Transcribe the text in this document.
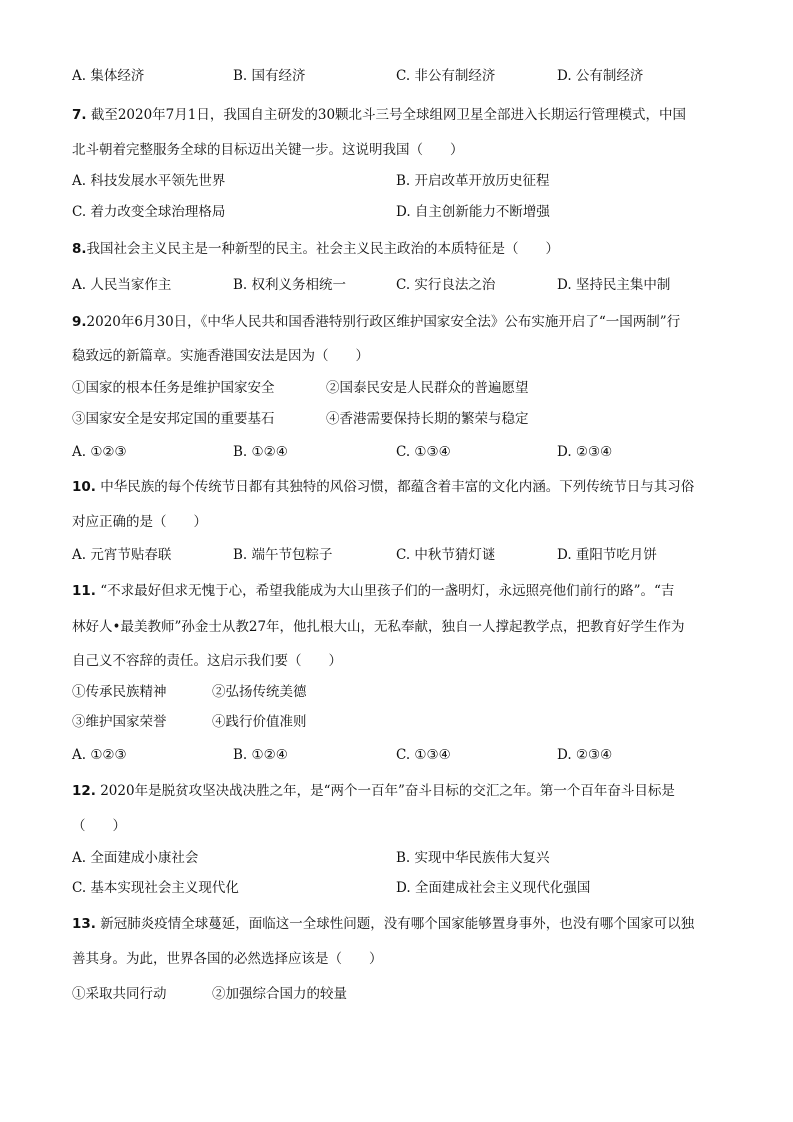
A. 集体经济	B. 国有经济	C. 非公有制经济	D. 公有制经济
7. 截至2020年7月1日，我国自主研发的30颗北斗三号全球组网卫星全部进入长期运行管理模式，中国
北斗朝着完整服务全球的目标迈出关键一步。这说明我国（　　）
A. 科技发展水平领先世界	B. 开启改革开放历史征程
C. 着力改变全球治理格局	D. 自主创新能力不断增强
8.我国社会主义民主是一种新型的民主。社会主义民主政治的本质特征是（　　）
A. 人民当家作主	B. 权利义务相统一	C. 实行良法之治	D. 坚持民主集中制
9.2020年6月30日，《中华人民共和国香港特别行政区维护国家安全法》公布实施开启了“一国两制”行
稳致远的新篇章。实施香港国安法是因为（　　）
①国家的根本任务是维护国家安全	②国泰民安是人民群众的普遍愿望
③国家安全是安邦定国的重要基石	④香港需要保持长期的繁荣与稳定
A. ①②③	B. ①②④	C. ①③④	D. ②③④
10. 中华民族的每个传统节日都有其独特的风俗习惯，都蕴含着丰富的文化内涵。下列传统节日与其习俗
对应正确的是（　　）
A. 元宵节贴春联	B. 端午节包粽子	C. 中秋节猜灯谜	D. 重阳节吃月饼
11. “不求最好但求无愧于心，希望我能成为大山里孩子们的一盏明灯，永远照亮他们前行的路”。“吉
林好人•最美教师”孙金士从教27年，他扎根大山，无私奉献，独自一人撑起教学点，把教育好学生作为
自己义不容辞的责任。这启示我们要（　　）
①传承民族精神	②弘扬传统美德
③维护国家荣誉	④践行价值准则
A. ①②③	B. ①②④	C. ①③④	D. ②③④
12. 2020年是脱贫攻坚决战决胜之年，是“两个一百年”奋斗目标的交汇之年。第一个百年奋斗目标是
（　　）
A. 全面建成小康社会	B. 实现中华民族伟大复兴
C. 基本实现社会主义现代化	D. 全面建成社会主义现代化强国
13. 新冠肺炎疫情全球蔓延，面临这一全球性问题，没有哪个国家能够置身事外，也没有哪个国家可以独
善其身。为此，世界各国的必然选择应该是（　　）
①采取共同行动	②加强综合国力的较量
